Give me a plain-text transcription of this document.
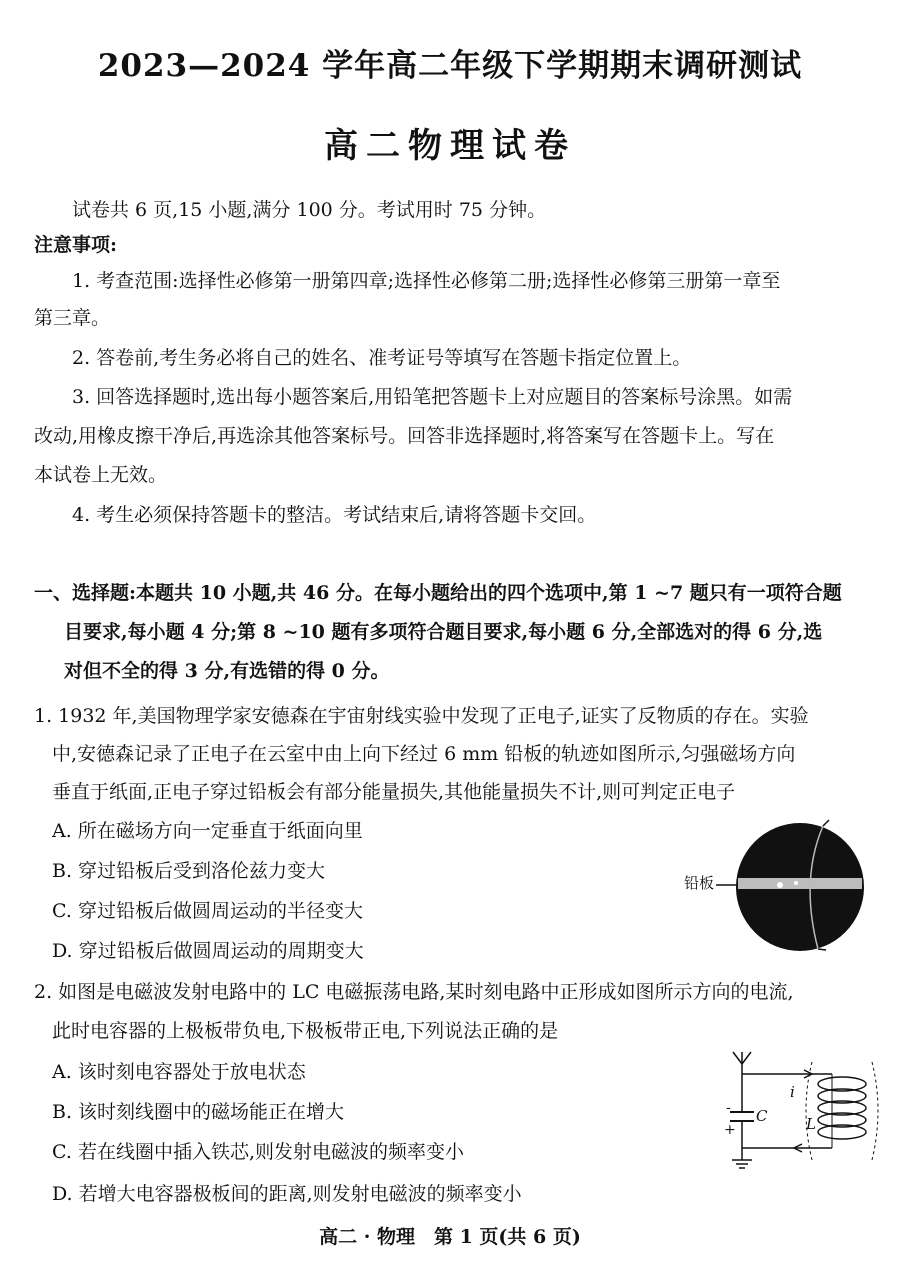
2023—2024 学年高二年级下学期期末调研测试
高二物理试卷
试卷共 6 页,15 小题,满分 100 分。考试用时 75 分钟。
注意事项:
1. 考查范围:选择性必修第一册第四章;选择性必修第二册;选择性必修第三册第一章至
第三章。
2. 答卷前,考生务必将自己的姓名、准考证号等填写在答题卡指定位置上。
3. 回答选择题时,选出每小题答案后,用铅笔把答题卡上对应题目的答案标号涂黑。如需
改动,用橡皮擦干净后,再选涂其他答案标号。回答非选择题时,将答案写在答题卡上。写在
本试卷上无效。
4. 考生必须保持答题卡的整洁。考试结束后,请将答题卡交回。
一、选择题:本题共 10 小题,共 46 分。在每小题给出的四个选项中,第 1 ~7 题只有一项符合题
目要求,每小题 4 分;第 8 ~10 题有多项符合题目要求,每小题 6 分,全部选对的得 6 分,选
对但不全的得 3 分,有选错的得 0 分。
1. 1932 年,美国物理学家安德森在宇宙射线实验中发现了正电子,证实了反物质的存在。实验
中,安德森记录了正电子在云室中由上向下经过 6 mm 铅板的轨迹如图所示,匀强磁场方向
垂直于纸面,正电子穿过铅板会有部分能量损失,其他能量损失不计,则可判定正电子
A. 所在磁场方向一定垂直于纸面向里
B. 穿过铅板后受到洛伦兹力变大
C. 穿过铅板后做圆周运动的半径变大
D. 穿过铅板后做圆周运动的周期变大
铅板
2. 如图是电磁波发射电路中的 LC 电磁振荡电路,某时刻电路中正形成如图所示方向的电流,
此时电容器的上极板带负电,下极板带正电,下列说法正确的是
A. 该时刻电容器处于放电状态
B. 该时刻线圈中的磁场能正在增大
C. 若在线圈中插入铁芯,则发射电磁波的频率变小
D. 若增大电容器极板间的距离,则发射电磁波的频率变小
i
C	L
-
+
高二 · 物理　第 1 页(共 6 页)
